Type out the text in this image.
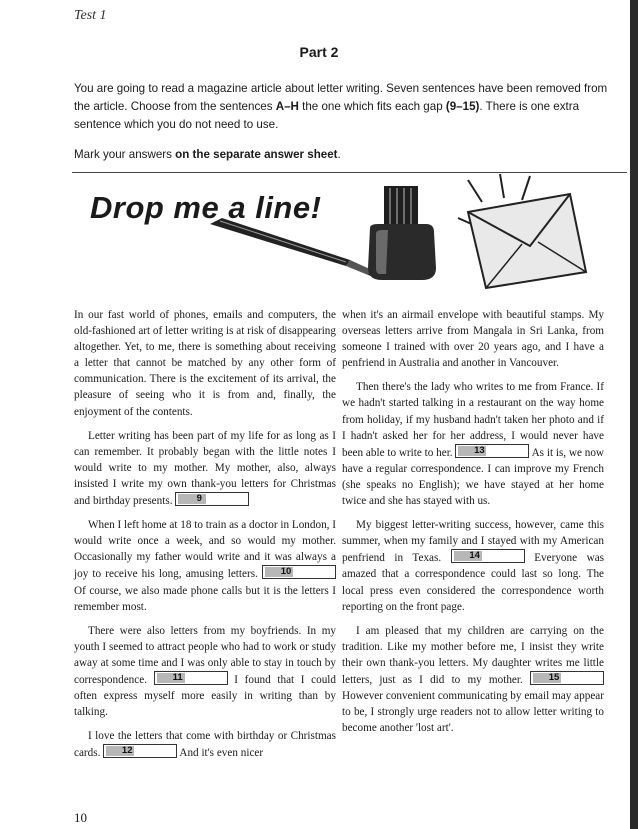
Test 1
Part 2
You are going to read a magazine article about letter writing. Seven sentences have been removed from the article. Choose from the sentences A–H the one which fits each gap (9–15). There is one extra sentence which you do not need to use.
Mark your answers on the separate answer sheet.
Drop me a line!

In our fast world of phones, emails and computers, the old-fashioned art of letter writing is at risk of disappearing altogether. Yet, to me, there is something about receiving a letter that cannot be matched by any other form of communication. There is the excitement of its arrival, the pleasure of seeing who it is from and, finally, the enjoyment of the contents.

Letter writing has been part of my life for as long as I can remember. It probably began with the little notes I would write to my mother. My mother, also, always insisted I write my own thank-you letters for Christmas and birthday presents.	9

When I left home at 18 to train as a doctor in London, I would write once a week, and so would my mother. Occasionally my father would write and it was always a joy to receive his long, amusing letters.	10
Of course, we also made phone calls but it is the letters I remember most.

There were also letters from my boyfriends. In my youth I seemed to attract people who had to work or study away at some time and I was only able to stay in touch by correspondence.	11	I found that I could often express myself more easily in writing than by talking.

I love the letters that come with birthday or Christmas cards.	12	And it's even nicer

when it's an airmail envelope with beautiful stamps. My overseas letters arrive from Mangala in Sri Lanka, from someone I trained with over 20 years ago, and I have a penfriend in Australia and another in Vancouver.

Then there's the lady who writes to me from France. If we hadn't started talking in a restaurant on the way home from holiday, if my husband hadn't taken her photo and if I hadn't asked her for her address, I would never have been able to write to her.	13	As it is, we now have a regular correspondence. I can improve my French (she speaks no English); we have stayed at her home twice and she has stayed with us.

My biggest letter-writing success, however, came this summer, when my family and I stayed with my American penfriend in Texas.	14	Everyone was amazed that a correspondence could last so long. The local press even considered the correspondence worth reporting on the front page.

I am pleased that my children are carrying on the tradition. Like my mother before me, I insist they write their own thank-you letters. My daughter writes me little letters, just as I did to my mother.	15
However convenient communicating by email may appear to be, I strongly urge readers not to allow letter writing to become another 'lost art'.

10
